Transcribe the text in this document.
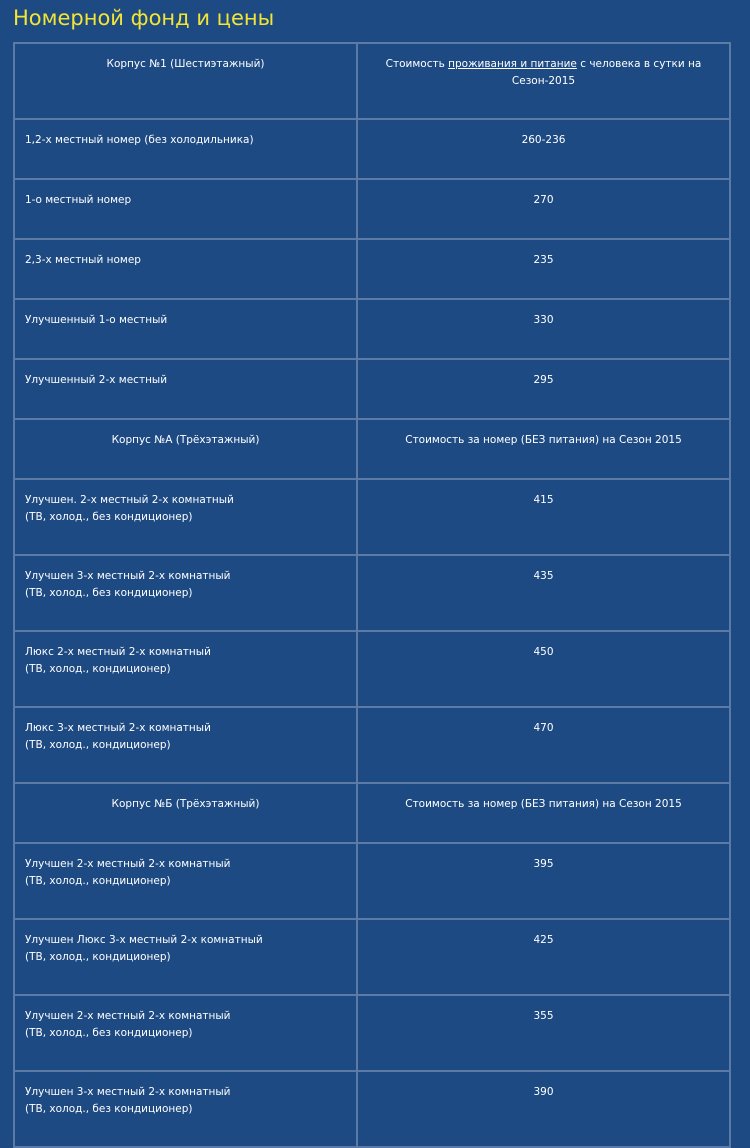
Номерной фонд и цены
Корпус №1 (Шестиэтажный)	Стоимость проживания и питание с человека в сутки на Сезон-2015
1,2-х местный номер (без холодильника)	260-236
1-о местный номер	270
2,3-х местный номер	235
Улучшенный 1-о местный	330
Улучшенный 2-х местный	295
Корпус №А (Трёхэтажный)	Стоимость за номер (БЕЗ питания) на Сезон 2015
Улучшен. 2-х местный 2-х комнатный
(ТВ, холод., без кондиционер)	415
Улучшен 3-х местный 2-х комнатный
(ТВ, холод., без кондиционер)	435
Люкс 2-х местный 2-х комнатный
(ТВ, холод., кондиционер)	450
Люкс 3-х местный 2-х комнатный
(ТВ, холод., кондиционер)	470
Корпус №Б (Трёхэтажный)	Стоимость за номер (БЕЗ питания) на Сезон 2015
Улучшен 2-х местный 2-х комнатный
(ТВ, холод., кондиционер)	395
Улучшен Люкс 3-х местный 2-х комнатный
(ТВ, холод., кондиционер)	425
Улучшен 2-х местный 2-х комнатный
(ТВ, холод., без кондиционер)	355
Улучшен 3-х местный 2-х комнатный
(ТВ, холод., без кондиционер)	390
